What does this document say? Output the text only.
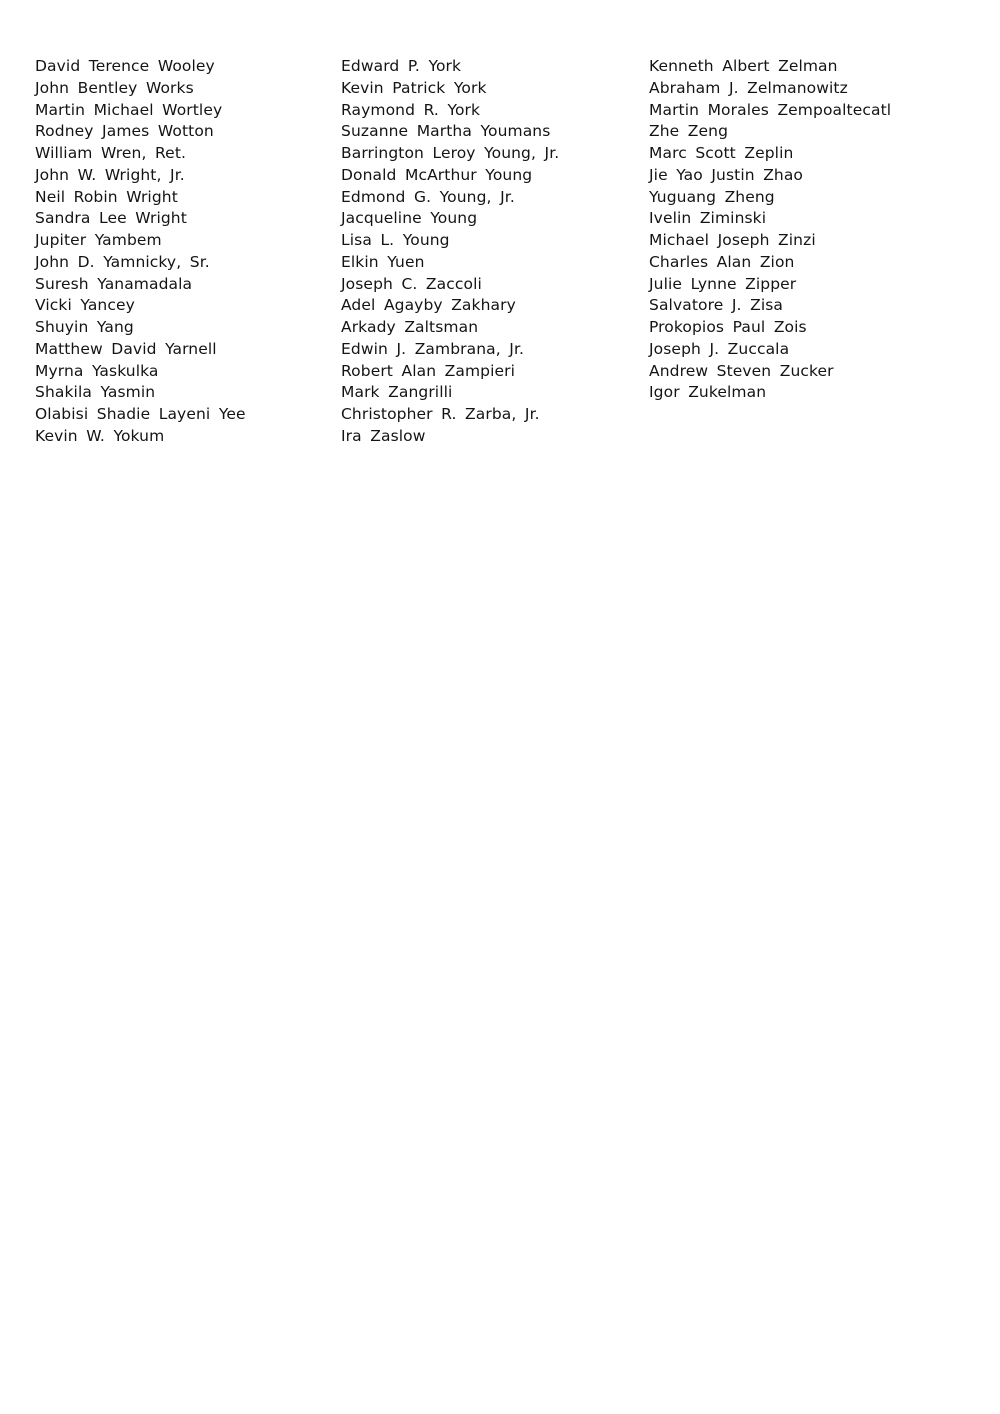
David Terence Wooley
John Bentley Works
Martin Michael Wortley
Rodney James Wotton
William Wren, Ret.
John W. Wright, Jr.
Neil Robin Wright
Sandra Lee Wright
Jupiter Yambem
John D. Yamnicky, Sr.
Suresh Yanamadala
Vicki Yancey
Shuyin Yang
Matthew David Yarnell
Myrna Yaskulka
Shakila Yasmin
Olabisi Shadie Layeni Yee
Kevin W. Yokum
Edward P. York
Kevin Patrick York
Raymond R. York
Suzanne Martha Youmans
Barrington Leroy Young, Jr.
Donald McArthur Young
Edmond G. Young, Jr.
Jacqueline Young
Lisa L. Young
Elkin Yuen
Joseph C. Zaccoli
Adel Agayby Zakhary
Arkady Zaltsman
Edwin J. Zambrana, Jr.
Robert Alan Zampieri
Mark Zangrilli
Christopher R. Zarba, Jr.
Ira Zaslow
Kenneth Albert Zelman
Abraham J. Zelmanowitz
Martin Morales Zempoaltecatl
Zhe Zeng
Marc Scott Zeplin
Jie Yao Justin Zhao
Yuguang Zheng
Ivelin Ziminski
Michael Joseph Zinzi
Charles Alan Zion
Julie Lynne Zipper
Salvatore J. Zisa
Prokopios Paul Zois
Joseph J. Zuccala
Andrew Steven Zucker
Igor Zukelman
